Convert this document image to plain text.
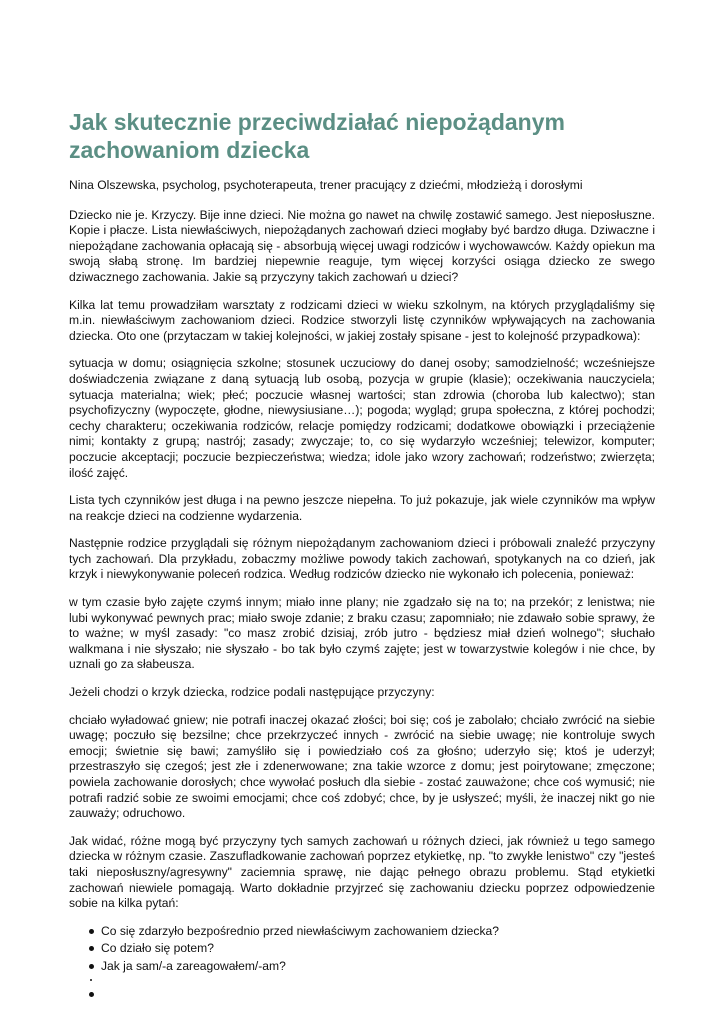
Jak skutecznie przeciwdziałać niepożądanym zachowaniom dziecka

Nina Olszewska, psycholog, psychoterapeuta, trener pracujący z dziećmi, młodzieżą i dorosłymi

Dziecko nie je. Krzyczy. Bije inne dzieci. Nie można go nawet na chwilę zostawić samego. Jest nieposłuszne. Kopie i płacze. Lista niewłaściwych, niepożądanych zachowań dzieci mogłaby być bardzo długa. Dziwaczne i niepożądane zachowania opłacają się - absorbują więcej uwagi rodziców i wychowawców. Każdy opiekun ma swoją słabą stronę. Im bardziej niepewnie reaguje, tym więcej korzyści osiąga dziecko ze swego dziwacznego zachowania. Jakie są przyczyny takich zachowań u dzieci?

Kilka lat temu prowadziłam warsztaty z rodzicami dzieci w wieku szkolnym, na których przyglądaliśmy się m.in. niewłaściwym zachowaniom dzieci. Rodzice stworzyli listę czynników wpływających na zachowania dziecka. Oto one (przytaczam w takiej kolejności, w jakiej zostały spisane - jest to kolejność przypadkowa):

sytuacja w domu; osiągnięcia szkolne; stosunek uczuciowy do danej osoby; samodzielność; wcześniejsze doświadczenia związane z daną sytuacją lub osobą, pozycja w grupie (klasie); oczekiwania nauczyciela; sytuacja materialna; wiek; płeć; poczucie własnej wartości; stan zdrowia (choroba lub kalectwo); stan psychofizyczny (wypoczęte, głodne, niewysiusiane…); pogoda; wygląd; grupa społeczna, z której pochodzi; cechy charakteru; oczekiwania rodziców, relacje pomiędzy rodzicami; dodatkowe obowiązki i przeciążenie nimi; kontakty z grupą; nastrój; zasady; zwyczaje; to, co się wydarzyło wcześniej; telewizor, komputer; poczucie akceptacji; poczucie bezpieczeństwa; wiedza; idole jako wzory zachowań; rodzeństwo; zwierzęta; ilość zajęć.

Lista tych czynników jest długa i na pewno jeszcze niepełna. To już pokazuje, jak wiele czynników ma wpływ na reakcje dzieci na codzienne wydarzenia.

Następnie rodzice przyglądali się różnym niepożądanym zachowaniom dzieci i próbowali znaleźć przyczyny tych zachowań. Dla przykładu, zobaczmy możliwe powody takich zachowań, spotykanych na co dzień, jak krzyk i niewykonywanie poleceń rodzica. Według rodziców dziecko nie wykonało ich polecenia, ponieważ:

w tym czasie było zajęte czymś innym; miało inne plany; nie zgadzało się na to; na przekór; z lenistwa; nie lubi wykonywać pewnych prac; miało swoje zdanie; z braku czasu; zapomniało; nie zdawało sobie sprawy, że to ważne; w myśl zasady: "co masz zrobić dzisiaj, zrób jutro - będziesz miał dzień wolnego"; słuchało walkmana i nie słyszało; nie słyszało - bo tak było czymś zajęte; jest w towarzystwie kolegów i nie chce, by uznali go za słabeusza.

Jeżeli chodzi o krzyk dziecka, rodzice podali następujące przyczyny:

chciało wyładować gniew; nie potrafi inaczej okazać złości; boi się; coś je zabolało; chciało zwrócić na siebie uwagę; poczuło się bezsilne; chce przekrzyczeć innych - zwrócić na siebie uwagę; nie kontroluje swych emocji; świetnie się bawi; zamyśliło się i powiedziało coś za głośno; uderzyło się; ktoś je uderzył; przestraszyło się czegoś; jest złe i zdenerwowane; zna takie wzorce z domu; jest poirytowane; zmęczone; powiela zachowanie dorosłych; chce wywołać posłuch dla siebie - zostać zauważone; chce coś wymusić; nie potrafi radzić sobie ze swoimi emocjami; chce coś zdobyć; chce, by je usłyszeć; myśli, że inaczej nikt go nie zauważy; odruchowo.

Jak widać, różne mogą być przyczyny tych samych zachowań u różnych dzieci, jak również u tego samego dziecka w różnym czasie. Zaszufladkowanie zachowań poprzez etykietkę, np. "to zwykłe lenistwo" czy "jesteś taki nieposłuszny/agresywny" zaciemnia sprawę, nie dając pełnego obrazu problemu. Stąd etykietki zachowań niewiele pomagają. Warto dokładnie przyjrzeć się zachowaniu dziecku poprzez odpowiedzenie sobie na kilka pytań:

Co się zdarzyło bezpośrednio przed niewłaściwym zachowaniem dziecka?
Co działo się potem?
Jak ja sam/-a zareagowałem/-am?
